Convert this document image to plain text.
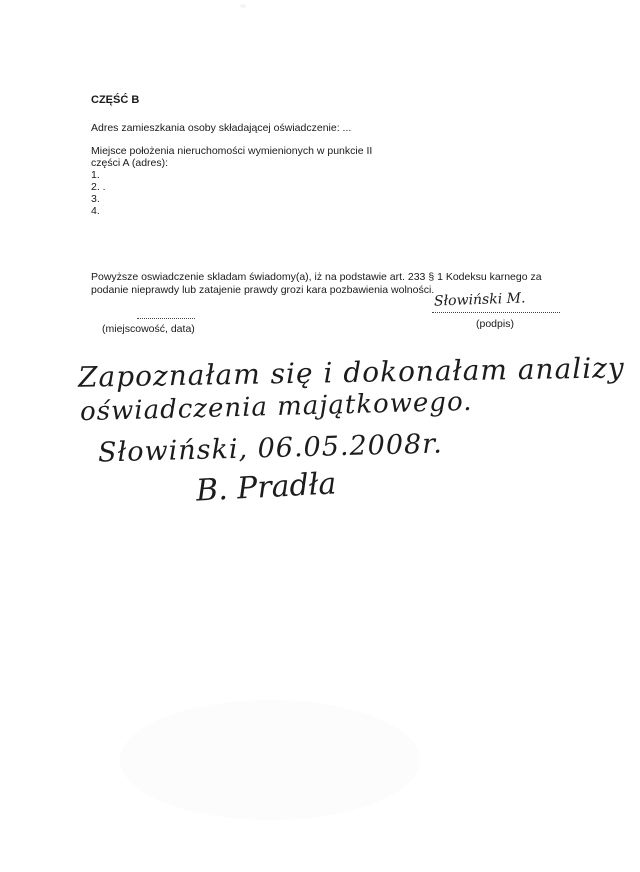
CZĘŚĆ B
Adres zamieszkania osoby składającej oświadczenie: ...
Miejsce położenia nieruchomości wymienionych w punkcie II
części A (adres):
1.
2. .
3.
4.
Powyższe oswiadczenie skladam świadomy(a), iż na podstawie art. 233 § 1 Kodeksu karnego za
podanie nieprawdy lub zatajenie prawdy grozi kara pozbawienia wolności.
(miejscowość, data)	(podpis)
Słowiński M.
Zapoznałam się i dokonałam analizy
oświadczenia majątkowego.
Słowiński, 06.05.2008r.
B. Pradła
